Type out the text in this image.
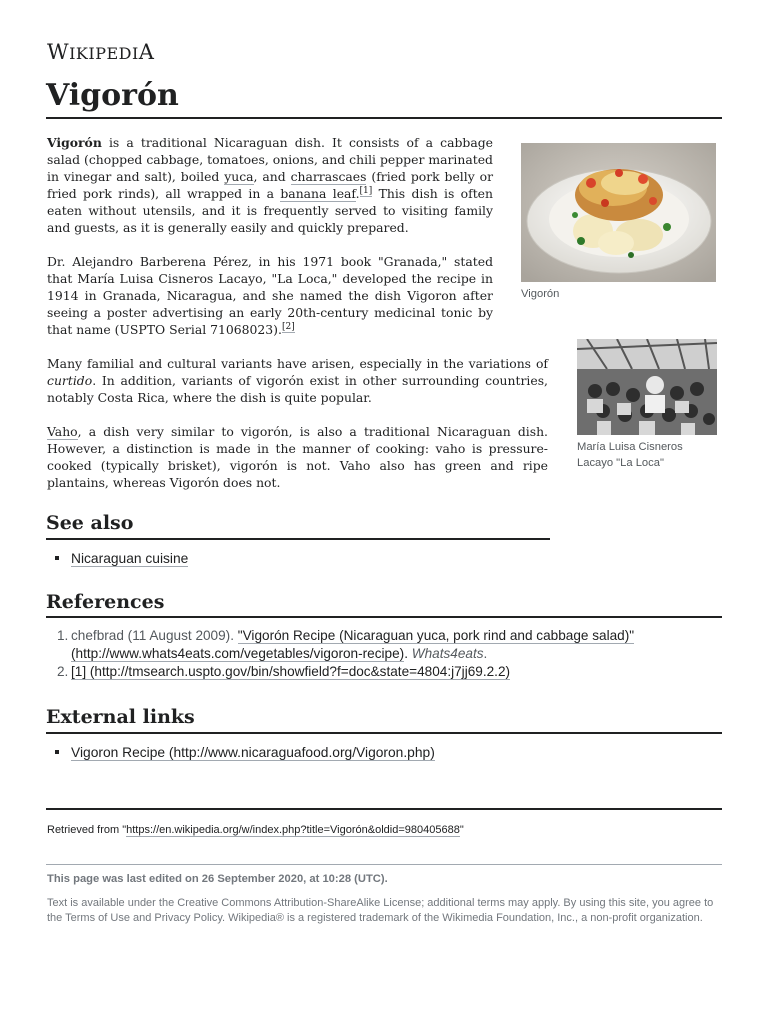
WIKIPEDIA
Vigorón

Vigorón is a traditional Nicaraguan dish. It consists of a cabbage salad (chopped cabbage, tomatoes, onions, and chili pepper marinated in vinegar and salt), boiled yuca, and charrascaes (fried pork belly or fried pork rinds), all wrapped in a banana leaf.[1] This dish is often eaten without utensils, and it is frequently served to visiting family and guests, as it is generally easily and quickly prepared.

Dr. Alejandro Barberena Pérez, in his 1971 book "Granada," stated that María Luisa Cisneros Lacayo, "La Loca," developed the recipe in 1914 in Granada, Nicaragua, and she named the dish Vigoron after seeing a poster advertising an early 20th-century medicinal tonic by that name (USPTO Serial 71068023).[2]

Vigorón

Many familial and cultural variants have arisen, especially in the variations of curtido. In addition, variants of vigorón exist in other surrounding countries, notably Costa Rica, where the dish is quite popular.

María Luisa Cisneros Lacayo "La Loca"

Vaho, a dish very similar to vigorón, is also a traditional Nicaraguan dish. However, a distinction is made in the manner of cooking: vaho is pressure-cooked (typically brisket), vigorón is not. Vaho also has green and ripe plantains, whereas Vigorón does not.

See also
Nicaraguan cuisine
References
1. chefbrad (11 August 2009). "Vigorón Recipe (Nicaraguan yuca, pork rind and cabbage salad)" (http://www.whats4eats.com/vegetables/vigoron-recipe). Whats4eats.
2. [1] (http://tmsearch.uspto.gov/bin/showfield?f=doc&state=4804:j7jj69.2.2)
External links
Vigoron Recipe (http://www.nicaraguafood.org/Vigoron.php)
Retrieved from "https://en.wikipedia.org/w/index.php?title=Vigorón&oldid=980405688"
This page was last edited on 26 September 2020, at 10:28 (UTC).

Text is available under the Creative Commons Attribution-ShareAlike License; additional terms may apply. By using this site, you agree to the Terms of Use and Privacy Policy. Wikipedia® is a registered trademark of the Wikimedia Foundation, Inc., a non-profit organization.
